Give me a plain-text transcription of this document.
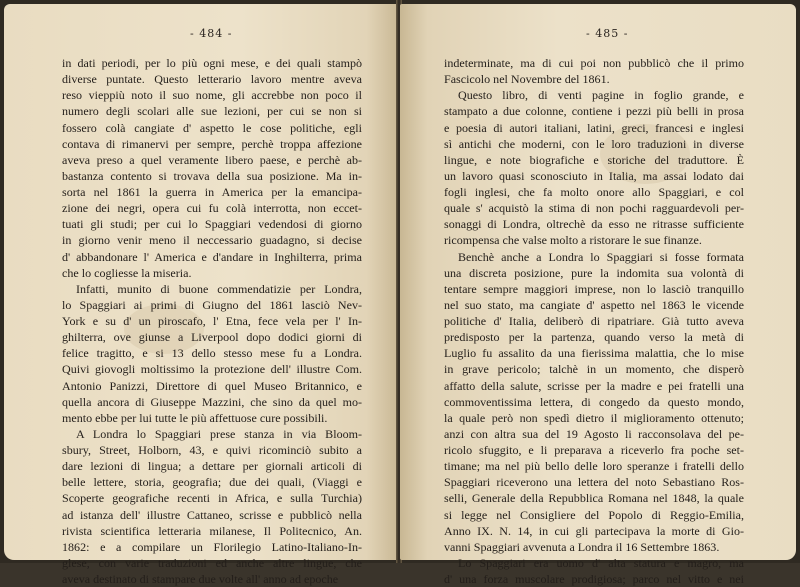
- 484 -
in dati periodi, per lo più ogni mese, e dei quali stampò
diverse puntate. Questo letterario lavoro mentre aveva
reso vieppiù noto il suo nome, gli accrebbe non poco il
numero degli scolari alle sue lezioni, per cui se non si
fossero colà cangiate d' aspetto le cose politiche, egli
contava di rimanervi per sempre, perchè troppa affezione
aveva preso a quel veramente libero paese, e perchè ab-
bastanza contento si trovava della sua posizione. Ma in-
sorta nel 1861 la guerra in America per la emancipa-
zione dei negri, opera cui fu colà interrotta, non eccet-
tuati gli studi; per cui lo Spaggiari vedendosi di giorno
in giorno venir meno il neccessario guadagno, si decise
d' abbandonare l' America e d'andare in Inghilterra, prima
che lo cogliesse la miseria.
Infatti, munito di buone commendatizie per Londra,
lo Spaggiari ai primi di Giugno del 1861 lasciò Nev-
York e su d' un piroscafo, l' Etna, fece vela per l' In-
ghilterra, ove giunse a Liverpool dopo dodici giorni di
felice tragitto, e si 13 dello stesso mese fu a Londra.
Quivi giovogli moltissimo la protezione dell' illustre Com.
Antonio Panizzi, Direttore di quel Museo Britannico, e
quella ancora di Giuseppe Mazzini, che sino da quel mo-
mento ebbe per lui tutte le più affettuose cure possibili.
A Londra lo Spaggiari prese stanza in via Bloom-
sbury, Street, Holborn, 43, e quivi ricominciò subito a
dare lezioni di lingua; a dettare per giornali articoli di
belle lettere, storia, geografia; due dei quali, (Viaggi e
Scoperte geografiche recenti in Africa, e sulla Turchia)
ad istanza dell' illustre Cattaneo, scrisse e pubblicò nella
rivista scientifica letteraria milanese, Il Politecnico, An.
1862: e a compilare un Florilegio Latino-Italiano-In-
glese, con varie traduzioni ed anche altre lingue, che
aveva destinato di stampare due volte all' anno ad epoche
- 485 -
indeterminate, ma di cui poi non pubblicò che il primo
Fascicolo nel Novembre del 1861.
Questo libro, di venti pagine in foglio grande, e
stampato a due colonne, contiene i pezzi più belli in prosa
e poesia di autori italiani, latini, greci, francesi e inglesi
sì antichi che moderni, con le loro traduzioni in diverse
lingue, e note biografiche e storiche del traduttore. È
un lavoro quasi sconosciuto in Italia, ma assai lodato dai
fogli inglesi, che fa molto onore allo Spaggiari, e col
quale s' acquistò la stima di non pochi ragguardevoli per-
sonaggi di Londra, oltrechè da esso ne ritrasse sufficiente
ricompensa che valse molto a ristorare le sue finanze.
Benchè anche a Londra lo Spaggiari si fosse formata
una discreta posizione, pure la indomita sua volontà di
tentare sempre maggiori imprese, non lo lasciò tranquillo
nel suo stato, ma cangiate d' aspetto nel 1863 le vicende
politiche d' Italia, deliberò di ripatriare. Già tutto aveva
predisposto per la partenza, quando verso la metà di
Luglio fu assalito da una fierissima malattia, che lo mise
in grave pericolo; talchè in un momento, che disperò
affatto della salute, scrisse per la madre e pei fratelli una
commoventissima lettera, di congedo da questo mondo,
la quale però non spedì dietro il miglioramento ottenuto;
anzi con altra sua del 19 Agosto li racconsolava del pe-
ricolo sfuggito, e li preparava a riceverlo fra poche set-
timane; ma nel più bello delle loro speranze i fratelli dello
Spaggiari riceverono una lettera del noto Sebastiano Ros-
selli, Generale della Repubblica Romana nel 1848, la quale
si legge nel Consigliere del Popolo di Reggio-Emilia,
Anno IX. N. 14, in cui gli partecipava la morte di Gio-
vanni Spaggiari avvenuta a Londra il 16 Settembre 1863.
Lo Spaggiari era uomo d' alta statura e magro, ma
d' una forza muscolare prodigiosa; parco nel vitto e nei
